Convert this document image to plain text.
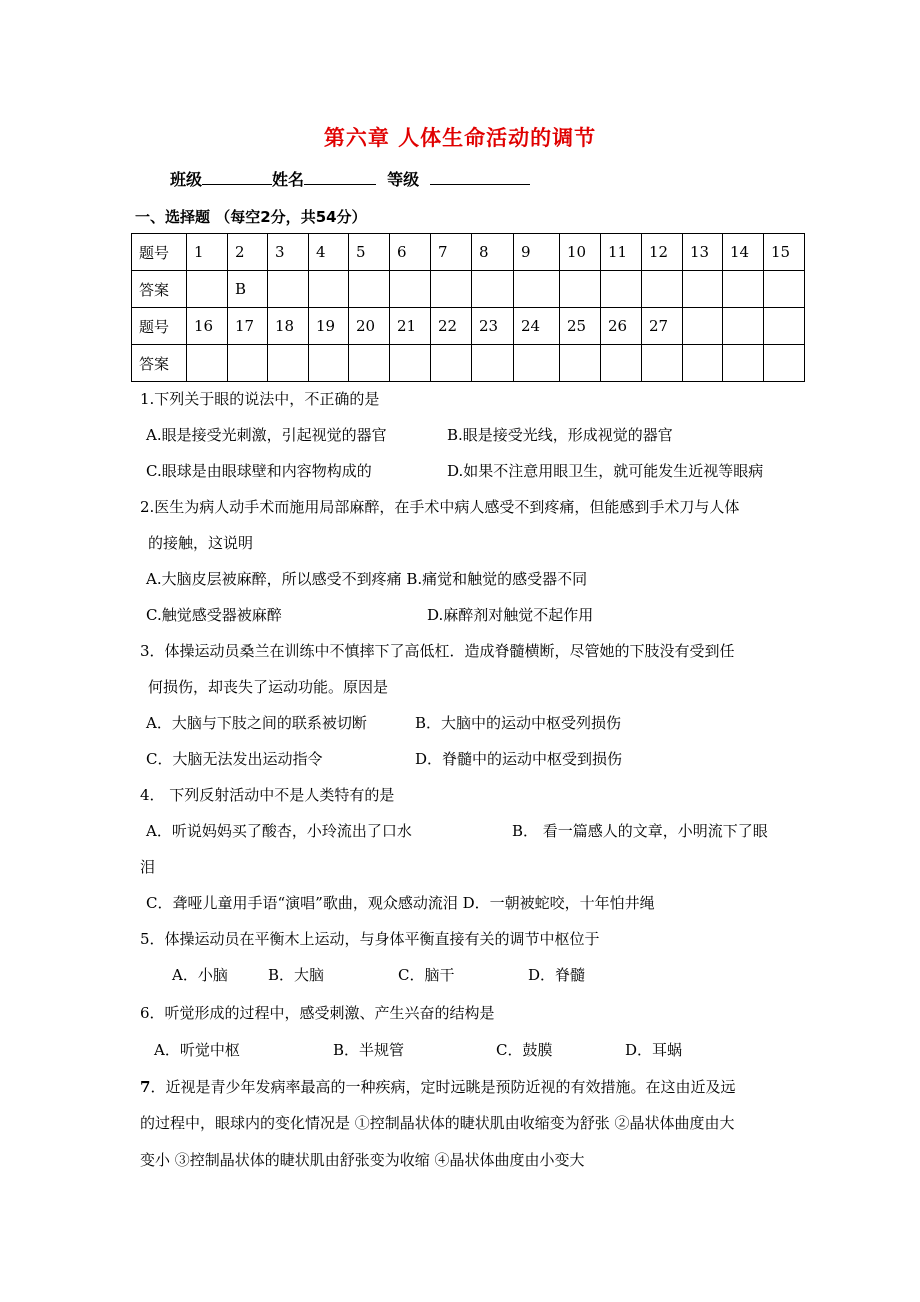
第六章 人体生命活动的调节
班级	姓名	等级
一、选择题 （每空2分，共54分）
题号	1	2	3	4	5	6	7	8	9	10	11	12	13	14	15
答案		B													
题号	16	17	18	19	20	21	22	23	24	25	26	27			
答案															
1.下列关于眼的说法中，不正确的是
A.眼是接受光刺激，引起视觉的器官	B.眼是接受光线，形成视觉的器官
C.眼球是由眼球壁和内容物构成的	D.如果不注意用眼卫生，就可能发生近视等眼病
2.医生为病人动手术而施用局部麻醉，在手术中病人感受不到疼痛，但能感到手术刀与人体
的接触，这说明
A.大脑皮层被麻醉，所以感受不到疼痛 B.痛觉和触觉的感受器不同
C.触觉感受器被麻醉	D.麻醉剂对触觉不起作用
3．体操运动员桑兰在训练中不慎摔下了高低杠．造成脊髓横断，尽管她的下肢没有受到任
何损伤，却丧失了运动功能。原因是
A．大脑与下肢之间的联系被切断	B．大脑中的运动中枢受列损伤
C．大脑无法发出运动指令	D．脊髓中的运动中枢受到损伤
4． 下列反射活动中不是人类特有的是
A．听说妈妈买了酸杏，小玲流出了口水	B． 看一篇感人的文章，小明流下了眼
泪
C．聋哑儿童用手语“演唱”歌曲，观众感动流泪 D．一朝被蛇咬，十年怕井绳
5．体操运动员在平衡木上运动，与身体平衡直接有关的调节中枢位于
A．小脑	B．大脑	C．脑干	D．脊髓
6．听觉形成的过程中，感受刺激、产生兴奋的结构是
A．听觉中枢	B．半规管	C．鼓膜	D．耳蜗
7．近视是青少年发病率最高的一种疾病，定时远眺是预防近视的有效措施。在这由近及远
的过程中，眼球内的变化情况是 ①控制晶状体的睫状肌由收缩变为舒张 ②晶状体曲度由大
变小 ③控制晶状体的睫状肌由舒张变为收缩 ④晶状体曲度由小变大
